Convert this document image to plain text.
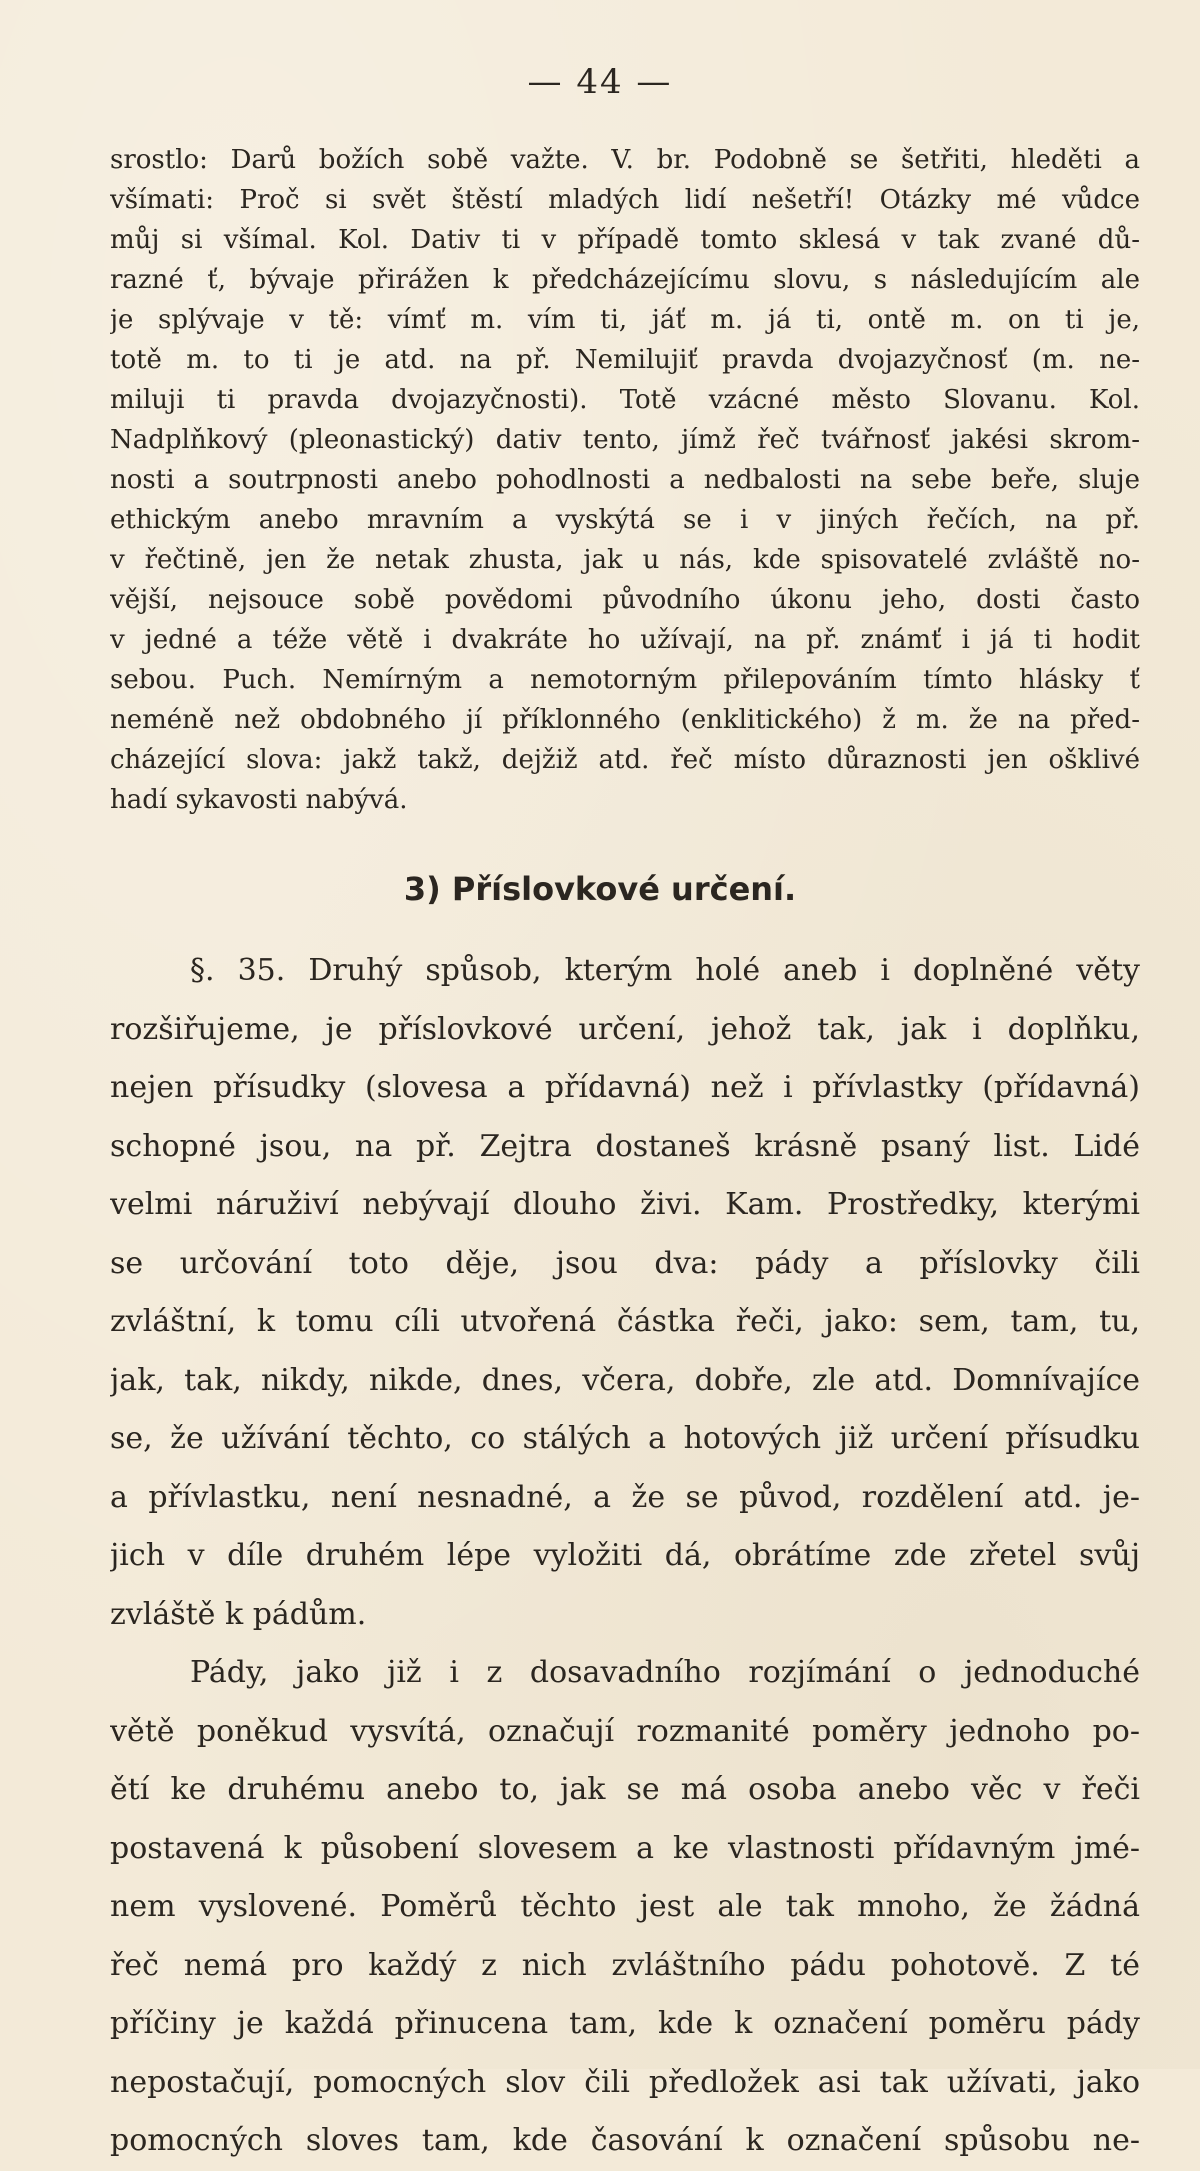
— 44 —
srostlo: Darů božích sobě važte. V. br. Podobně se šetřiti, hleděti a
všímati: Proč si svět štěstí mladých lidí nešetří! Otázky mé vůdce
můj si všímal. Kol. Dativ ti v případě tomto sklesá v tak zvané dů-
razné ť, bývaje přirážen k předcházejícímu slovu, s následujícím ale
je splývaje v tě: vímť m. vím ti, jáť m. já ti, ontě m. on ti je,
totě m. to ti je atd. na př. Nemilujiť pravda dvojazyčnosť (m. ne-
miluji ti pravda dvojazyčnosti). Totě vzácné město Slovanu. Kol.
Nadplňkový (pleonastický) dativ tento, jímž řeč tvářnosť jakési skrom-
nosti a soutrpnosti anebo pohodlnosti a nedbalosti na sebe beře, sluje
ethickým anebo mravním a vyskýtá se i v jiných řečích, na př.
v řečtině, jen že netak zhusta, jak u nás, kde spisovatelé zvláště no-
vější, nejsouce sobě povědomi původního úkonu jeho, dosti často
v jedné a téže větě i dvakráte ho užívají, na př. známť i já ti hodit
sebou. Puch. Nemírným a nemotorným přilepováním tímto hlásky ť
neméně než obdobného jí příklonného (enklitického) ž m. že na před-
cházející slova: jakž takž, dejžiž atd. řeč místo důraznosti jen ošklivé
hadí sykavosti nabývá.
3) Příslovkové určení.
§. 35. Druhý spůsob, kterým holé aneb i doplněné věty
rozšiřujeme, je příslovkové určení, jehož tak, jak i doplňku,
nejen přísudky (slovesa a přídavná) než i přívlastky (přídavná)
schopné jsou, na př. Zejtra dostaneš krásně psaný list. Lidé
velmi náruživí nebývají dlouho živi. Kam. Prostředky, kterými
se určování toto děje, jsou dva: pády a příslovky čili
zvláštní, k tomu cíli utvořená částka řeči, jako: sem, tam, tu,
jak, tak, nikdy, nikde, dnes, včera, dobře, zle atd. Domnívajíce
se, že užívání těchto, co stálých a hotových již určení přísudku
a přívlastku, není nesnadné, a že se původ, rozdělení atd. je-
jich v díle druhém lépe vyložiti dá, obrátíme zde zřetel svůj
zvláště k pádům.
Pády, jako již i z dosavadního rozjímání o jednoduché
větě poněkud vysvítá, označují rozmanité poměry jednoho po-
ětí ke druhému anebo to, jak se má osoba anebo věc v řeči
postavená k působení slovesem a ke vlastnosti přídavným jmé-
nem vyslovené. Poměrů těchto jest ale tak mnoho, že žádná
řeč nemá pro každý z nich zvláštního pádu pohotově. Z té
příčiny je každá přinucena tam, kde k označení poměru pády
nepostačují, pomocných slov čili předložek asi tak užívati, jako
pomocných sloves tam, kde časování k označení spůsobu ne-
